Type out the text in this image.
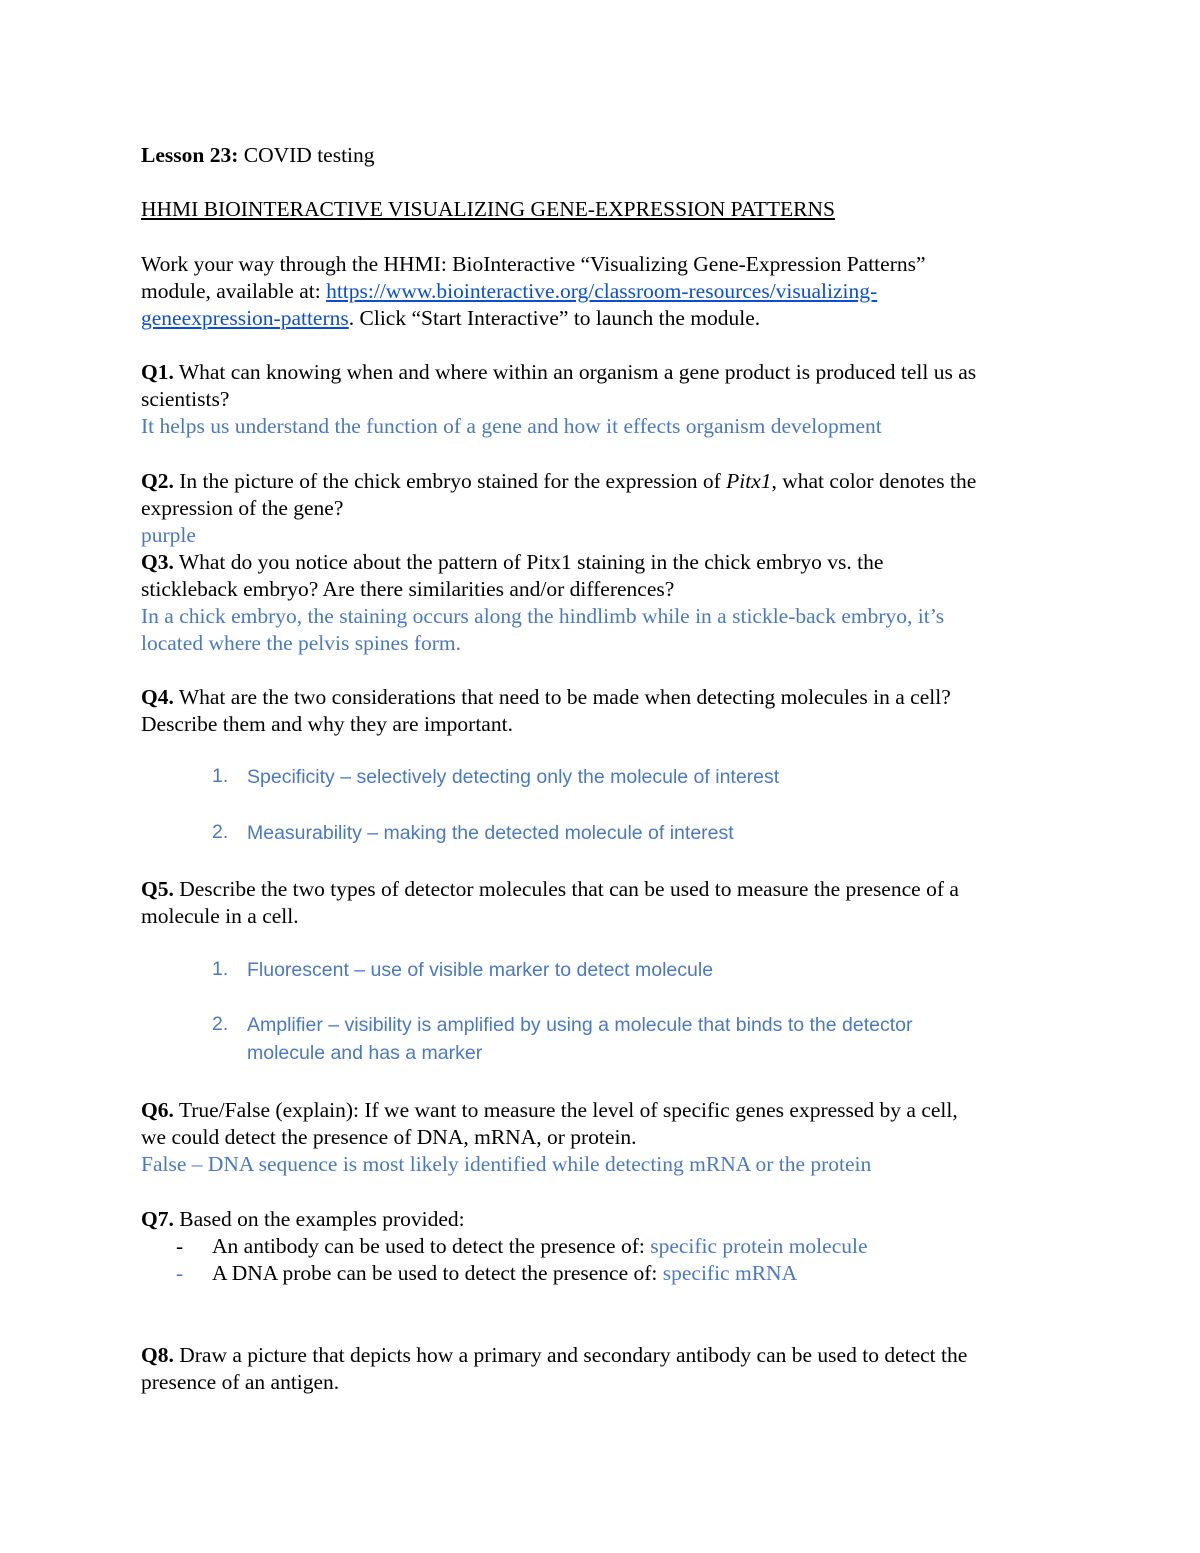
Lesson 23: COVID testing
HHMI BIOINTERACTIVE VISUALIZING GENE-EXPRESSION PATTERNS
Work your way through the HHMI: BioInteractive “Visualizing Gene-Expression Patterns”
module, available at: https://www.biointeractive.org/classroom-resources/visualizing-
geneexpression-patterns. Click “Start Interactive” to launch the module.
Q1. What can knowing when and where within an organism a gene product is produced tell us as
scientists?
It helps us understand the function of a gene and how it effects organism development
Q2. In the picture of the chick embryo stained for the expression of Pitx1, what color denotes the
expression of the gene?
purple
Q3. What do you notice about the pattern of Pitx1 staining in the chick embryo vs. the
stickleback embryo? Are there similarities and/or differences?
In a chick embryo, the staining occurs along the hindlimb while in a stickle-back embryo, it’s
located where the pelvis spines form.
Q4. What are the two considerations that need to be made when detecting molecules in a cell?
Describe them and why they are important.
1. Specificity – selectively detecting only the molecule of interest
2. Measurability – making the detected molecule of interest
Q5. Describe the two types of detector molecules that can be used to measure the presence of a
molecule in a cell.
1. Fluorescent – use of visible marker to detect molecule
2. Amplifier – visibility is amplified by using a molecule that binds to the detector
molecule and has a marker
Q6. True/False (explain): If we want to measure the level of specific genes expressed by a cell,
we could detect the presence of DNA, mRNA, or protein.
False – DNA sequence is most likely identified while detecting mRNA or the protein
Q7. Based on the examples provided:
- An antibody can be used to detect the presence of: specific protein molecule
- A DNA probe can be used to detect the presence of: specific mRNA
Q8. Draw a picture that depicts how a primary and secondary antibody can be used to detect the
presence of an antigen.
